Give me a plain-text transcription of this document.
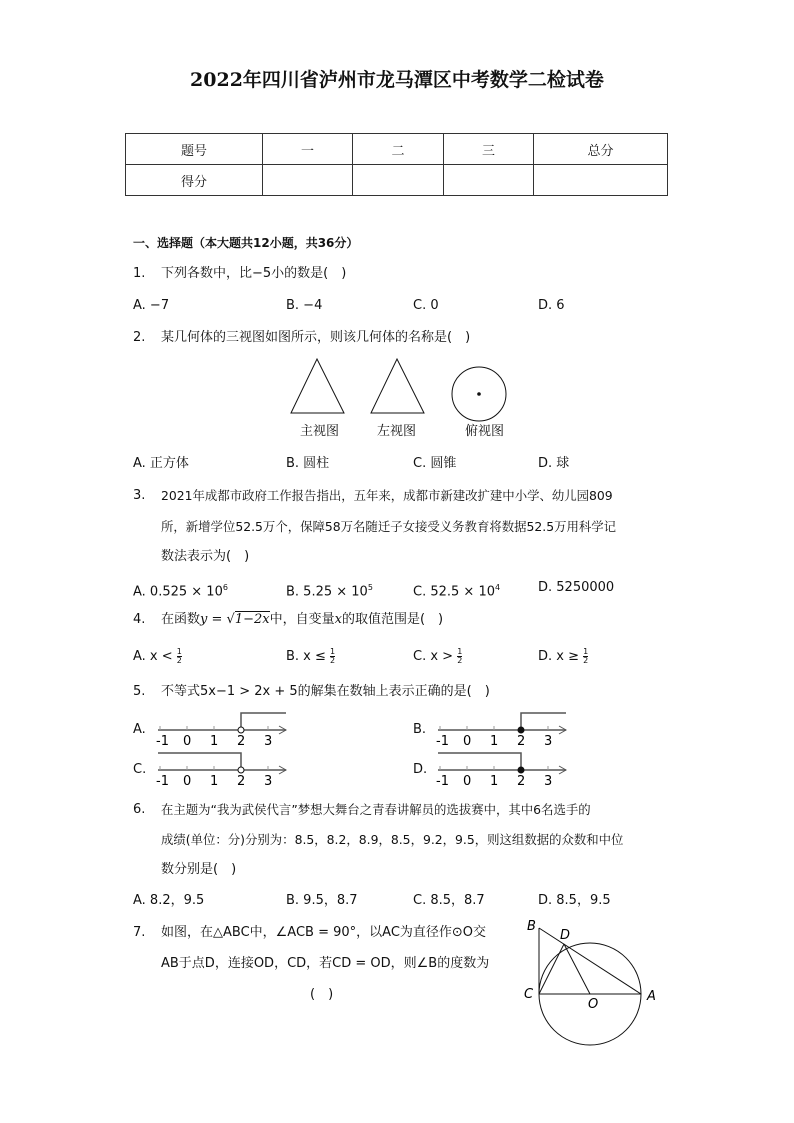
2022年四川省泸州市龙马潭区中考数学二检试卷
题号	一	二	三	总分
得分				
一、选择题（本大题共12小题，共36分）
1. 下列各数中，比−5小的数是(　)
A. −7	B. −4	C. 0	D. 6
2. 某几何体的三视图如图所示，则该几何体的名称是(　)
主视图	左视图	俯视图
A. 正方体	B. 圆柱	C. 圆锥	D. 球
3. 2021年成都市政府工作报告指出，五年来，成都市新建改扩建中小学、幼儿园809
所，新增学位52.5万个，保障58万名随迁子女接受义务教育将数据52.5万用科学记
数法表示为(　)
A. $0.525 \times 10^6$	B. $5.25 \times 10^5$	C. $52.5 \times 10^4$	D. 5250000
4. 在函数y = √1−2x中，自变量x的取值范围是(　)
A. $x < \frac{1}{2}$	B. $x \le \frac{1}{2}$	C. $x > \frac{1}{2}$	D. $x \ge \frac{1}{2}$
5. 不等式5x−1 > 2x + 5的解集在数轴上表示正确的是(　)
A.	B.
C.	D.
-1 0 1 2 3	-1 0 1 2 3
-1 0 1 2 3	-1 0 1 2 3
6. 在主题为“我为武侯代言”梦想大舞台之青春讲解员的选拔赛中，其中6名选手的
成绩(单位：分)分别为：8.5，8.2，8.9，8.5，9.2，9.5，则这组数据的众数和中位
数分别是(　)
A. 8.2，9.5	B. 9.5，8.7	C. 8.5，8.7	D. 8.5，9.5
7. 如图，在△ABC中，∠ACB = 90°，以AC为直径作⊙O交
AB于点D，连接OD，CD，若CD = OD，则∠B的度数为
(　)
B
D
C
O
A
